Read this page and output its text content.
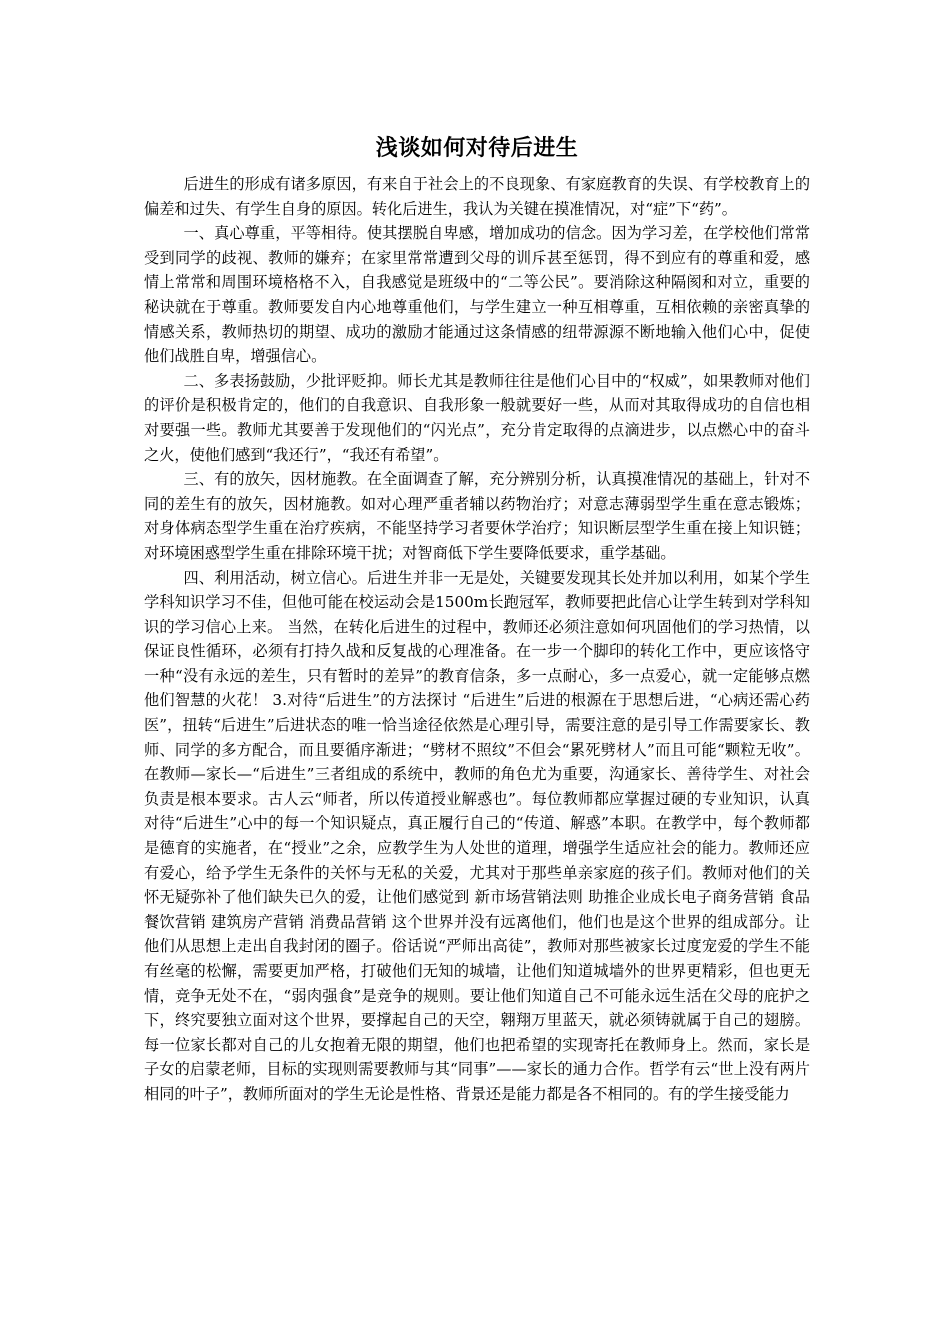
浅谈如何对待后进生

后进生的形成有诸多原因，有来自于社会上的不良现象、有家庭教育的失误、有学校教育上的偏差和过失、有学生自身的原因。转化后进生，我认为关键在摸准情况，对“症”下“药”。

一、真心尊重，平等相待。使其摆脱自卑感，增加成功的信念。因为学习差，在学校他们常常受到同学的歧视、教师的嫌弃；在家里常常遭到父母的训斥甚至惩罚，得不到应有的尊重和爱，感情上常常和周围环境格格不入，自我感觉是班级中的“二等公民”。要消除这种隔阂和对立，重要的秘诀就在于尊重。教师要发自内心地尊重他们，与学生建立一种互相尊重，互相依赖的亲密真挚的情感关系，教师热切的期望、成功的激励才能通过这条情感的纽带源源不断地输入他们心中，促使他们战胜自卑，增强信心。

二、多表扬鼓励，少批评贬抑。师长尤其是教师往往是他们心目中的“权威”，如果教师对他们的评价是积极肯定的，他们的自我意识、自我形象一般就要好一些，从而对其取得成功的自信也相对要强一些。教师尤其要善于发现他们的“闪光点”，充分肯定取得的点滴进步，以点燃心中的奋斗之火，使他们感到“我还行”，“我还有希望”。

三、有的放矢，因材施教。在全面调查了解，充分辨别分析，认真摸准情况的基础上，针对不同的差生有的放矢，因材施教。如对心理严重者辅以药物治疗；对意志薄弱型学生重在意志锻炼；对身体病态型学生重在治疗疾病，不能坚持学习者要休学治疗；知识断层型学生重在接上知识链；对环境困惑型学生重在排除环境干扰；对智商低下学生要降低要求，重学基础。

四、利用活动，树立信心。后进生并非一无是处，关键要发现其长处并加以利用，如某个学生学科知识学习不佳，但他可能在校运动会是1500m长跑冠军，教师要把此信心让学生转到对学科知识的学习信心上来。 当然，在转化后进生的过程中，教师还必须注意如何巩固他们的学习热情，以保证良性循环，必须有打持久战和反复战的心理准备。在一步一个脚印的转化工作中，更应该恪守一种“没有永远的差生，只有暂时的差异”的教育信条，多一点耐心，多一点爱心，就一定能够点燃他们智慧的火花！ 3.对待“后进生”的方法探讨 “后进生”后进的根源在于思想后进，“心病还需心药医”，扭转“后进生”后进状态的唯一恰当途径依然是心理引导，需要注意的是引导工作需要家长、教师、同学的多方配合，而且要循序渐进；“劈材不照纹”不但会“累死劈材人”而且可能“颗粒无收”。在教师—家长—“后进生”三者组成的系统中，教师的角色尤为重要，沟通家长、善待学生、对社会负责是根本要求。古人云“师者，所以传道授业解惑也”。每位教师都应掌握过硬的专业知识，认真对待“后进生”心中的每一个知识疑点，真正履行自己的“传道、解惑”本职。在教学中，每个教师都是德育的实施者，在“授业”之余，应教学生为人处世的道理，增强学生适应社会的能力。教师还应有爱心，给予学生无条件的关怀与无私的关爱，尤其对于那些单亲家庭的孩子们。教师对他们的关怀无疑弥补了他们缺失已久的爱，让他们感觉到 新市场营销法则 助推企业成长电子商务营销 食品餐饮营销 建筑房产营销 消费品营销 这个世界并没有远离他们，他们也是这个世界的组成部分。让他们从思想上走出自我封闭的圈子。俗话说“严师出高徒”，教师对那些被家长过度宠爱的学生不能有丝毫的松懈，需要更加严格，打破他们无知的城墙，让他们知道城墙外的世界更精彩，但也更无情，竞争无处不在，“弱肉强食”是竞争的规则。要让他们知道自己不可能永远生活在父母的庇护之下，终究要独立面对这个世界，要撑起自己的天空，翱翔万里蓝天，就必须铸就属于自己的翅膀。每一位家长都对自己的儿女抱着无限的期望，他们也把希望的实现寄托在教师身上。然而，家长是子女的启蒙老师，目标的实现则需要教师与其“同事”——家长的通力合作。哲学有云“世上没有两片相同的叶子”，教师所面对的学生无论是性格、背景还是能力都是各不相同的。有的学生接受能力
